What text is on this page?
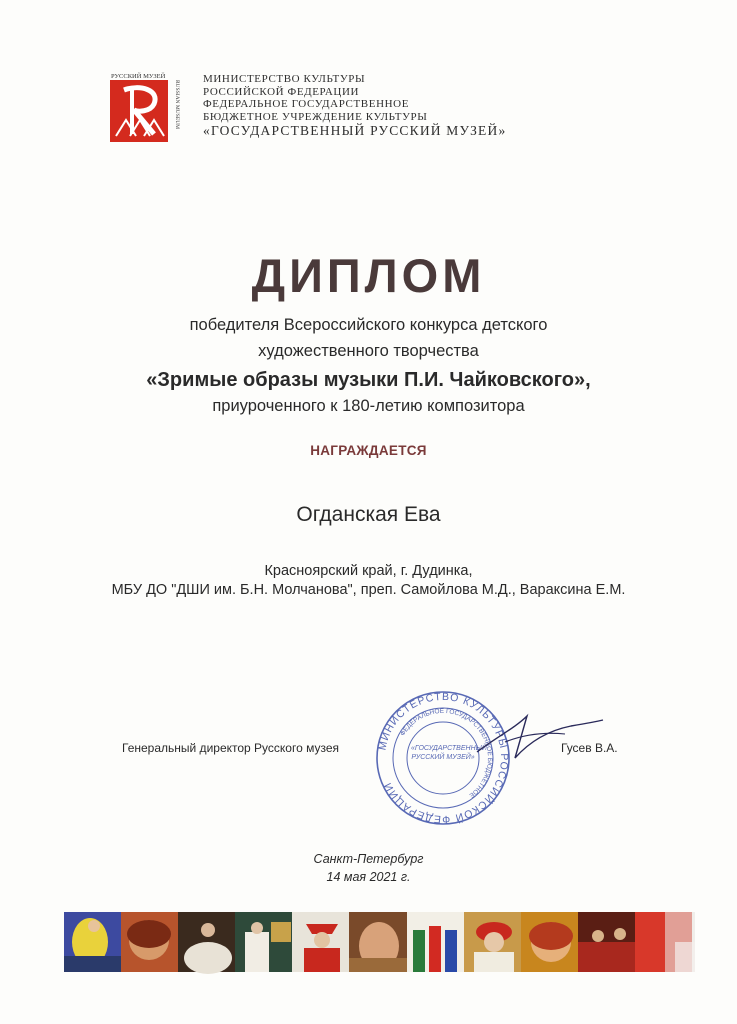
РУССКИЙ МУЗЕЙ
RUSSIAN MUSEUM
МИНИСТЕРСТВО КУЛЬТУРЫ
РОССИЙСКОЙ ФЕДЕРАЦИИ
ФЕДЕРАЛЬНОЕ ГОСУДАРСТВЕННОЕ
БЮДЖЕТНОЕ УЧРЕЖДЕНИЕ КУЛЬТУРЫ
«ГОСУДАРСТВЕННЫЙ РУССКИЙ МУЗЕЙ»
ДИПЛОМ
победителя Всероссийского конкурса детского
художественного творчества
«Зримые образы музыки П.И. Чайковского»,
приуроченного к 180-летию композитора
НАГРАЖДАЕТСЯ
Огданская Ева
Красноярский край, г. Дудинка,
МБУ ДО "ДШИ им. Б.Н. Молчанова", преп. Самойлова М.Д., Вараксина Е.М.
Генеральный директор Русского музея	МИНИСТЕРСТВО КУЛЬТУРЫ РОССИЙСКОЙ ФЕДЕРАЦИИ
ФЕДЕРАЛЬНОЕ ГОСУДАРСТВЕННОЕ БЮДЖЕТНОЕ
«ГОСУДАРСТВЕННЫЙ РУССКИЙ МУЗЕЙ»
Гусев В.А.
Санкт-Петербург
14 мая 2021 г.
